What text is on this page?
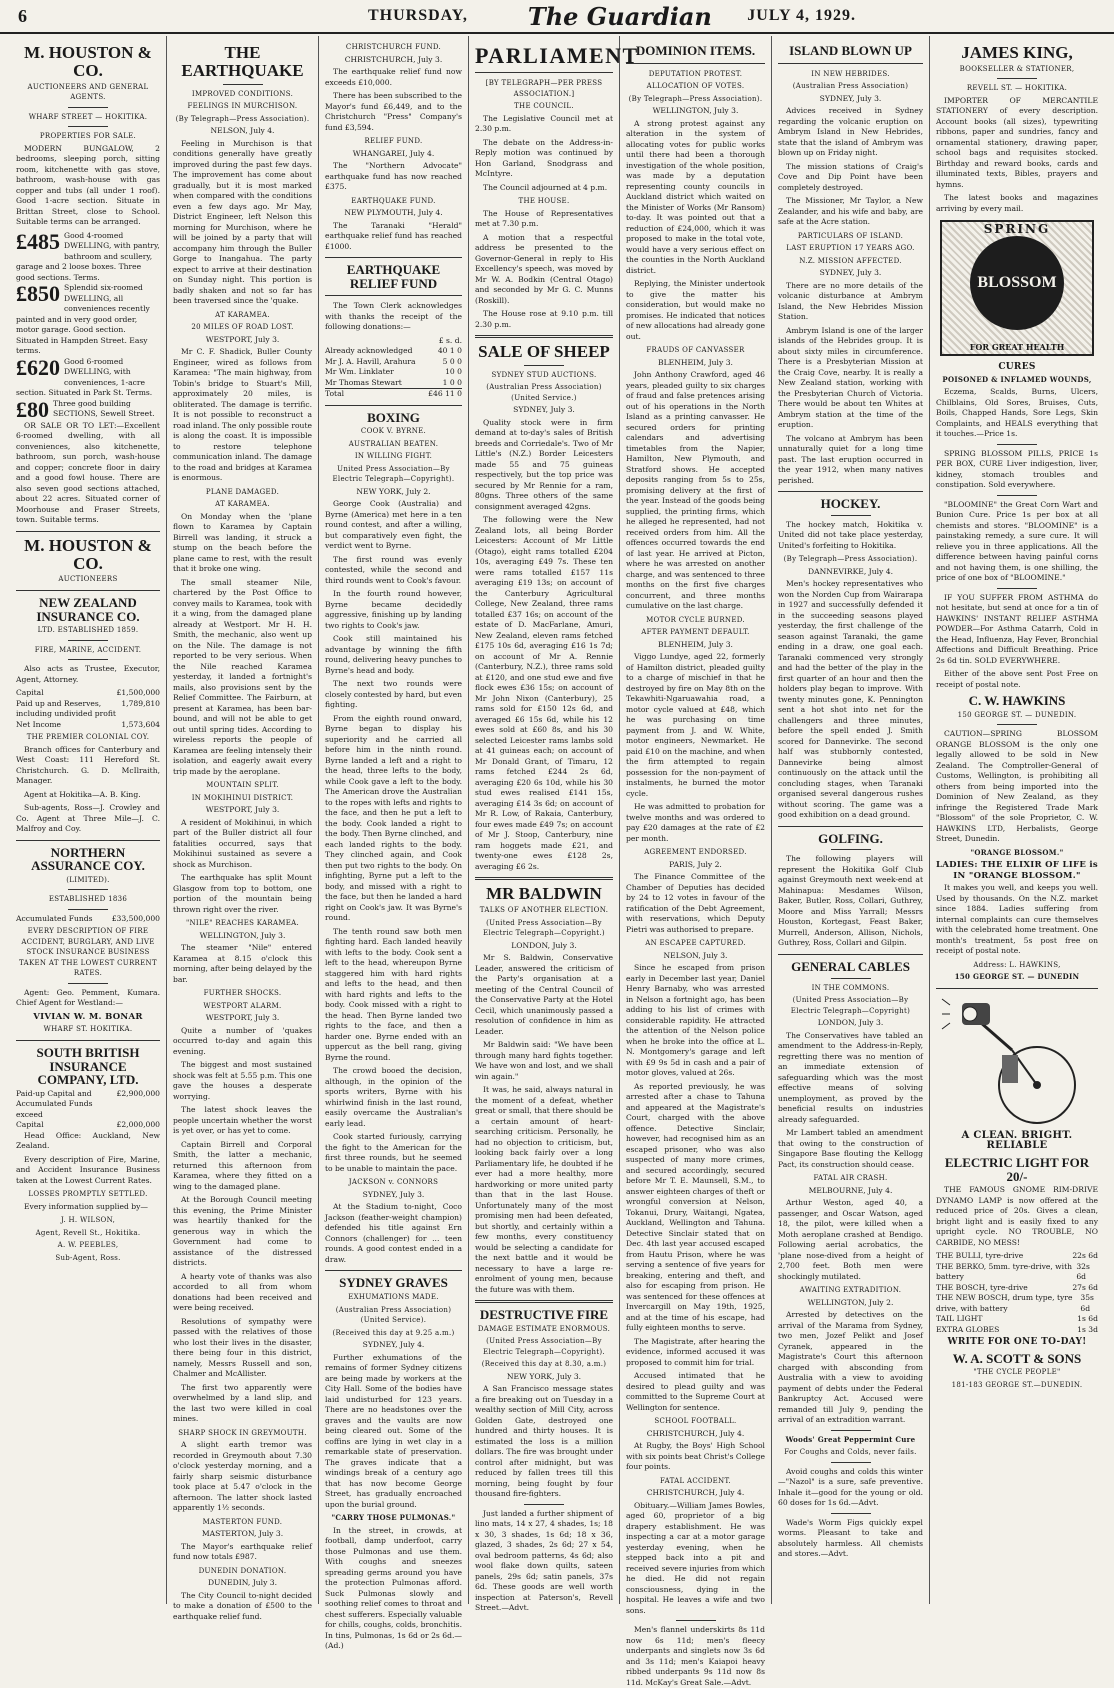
6	THURSDAY,	The Guardian JULY 4, 1929.
M. HOUSTON & CO.
AUCTIONEERS AND GENERAL AGENTS.
WHARF STREET — HOKITIKA.
PROPERTIES FOR SALE.

MODERN BUNGALOW, 2 bedrooms, sleeping porch, sitting room, kitchenette with gas stove, bathroom, wash-house with gas copper and tubs (all under 1 roof). Good 1-acre section. Situate in Brittan Street, close to School. Suitable terms can be arranged.

£485 Good 4-roomed DWELLING, with pantry, bathroom and scullery, garage and 2 loose boxes. Three good sections. Terms.
£850 Splendid six-roomed DWELLING, all conveniences recently painted and in very good order, motor garage. Good section. Situated in Hampden Street. Easy terms.
£620 Good 6-roomed DWELLING, with conveniences, 1-acre section. Situated in Park St. Terms.
£80 Three good building SECTIONS, Sewell Street.

OR SALE OR TO LET:—Excellent 6-roomed dwelling, with all conveniences, also kitchenette, bathroom, sun porch, wash-house and copper; concrete floor in dairy and a good fowl house. There are also seven good sections attached, about 22 acres. Situated corner of Moorhouse and Fraser Streets, town. Suitable terms.

M. HOUSTON & CO.
AUCTIONEERS
NEW ZEALAND INSURANCE CO.
LTD. ESTABLISHED 1859.
FIRE, MARINE, ACCIDENT.

Also acts as Trustee, Executor, Agent, Attorney.

Capital	£1,500,000
Paid up and Reserves, including undivided profit
1,789,810
Net Income	1,573,604
THE PREMIER COLONIAL COY.

Branch offices for Canterbury and West Coast: 111 Hereford St. Christchurch. G. D. McIlraith, Manager.

Agent at Hokitika—A. B. King.

Sub-agents, Ross—J. Crowley and Co. Agent at Three Mile—J. C. Malfroy and Coy.

NORTHERN ASSURANCE COY.
(LIMITED).
ESTABLISHED 1836
Accumulated Funds	£33,500,000
EVERY DESCRIPTION OF FIRE ACCIDENT, BURGLARY, AND LIVE STOCK INSURANCE BUSINESS TAKEN AT THE LOWEST CURRENT RATES.

Agent: Geo. Pemment, Kumara. Chief Agent for Westland:—

VIVIAN W. M. BONAR
WHARF ST. HOKITIKA.
SOUTH BRITISH INSURANCE COMPANY, LTD.
Paid-up Capital and Accumulated Funds exceed
£2,900,000
Capital	£2,000,000

Head Office: Auckland, New Zealand.

Every description of Fire, Marine, and Accident Insurance Business taken at the Lowest Current Rates.

LOSSES PROMPTLY SETTLED.

Every information supplied by—

J. H. WILSON,
Agent, Revell St., Hokitika.
A. W. PEEBLES,
Sub-Agent, Ross.
THE EARTHQUAKE
IMPROVED CONDITIONS.
FEELINGS IN MURCHISON.
(By Telegraph—Press Association).
NELSON, July 4.

Feeling in Murchison is that conditions generally have greatly improved during the past few days. The improvement has come about gradually, but it is most marked when compared with the conditions even a few days ago. Mr May, District Engineer, left Nelson this morning for Murchison, where he will be joined by a party that will accompany him through the Buller Gorge to Inangahua. The party expect to arrive at their destination on Sunday night. This portion is badly shaken and not so far has been traversed since the 'quake.

AT KARAMEA.
20 MILES OF ROAD LOST.
WESTPORT, July 3.

Mr C. F. Shadick, Buller County Engineer, wired as follows from Karamea: "The main highway, from Tobin's bridge to Stuart's Mill, approximately 20 miles, is obliterated. The damage is terrific. It is not possible to reconstruct a road inland. The only possible route is along the coast. It is impossible to restore telephone communication inland. The damage to the road and bridges at Karamea is enormous.

PLANE DAMAGED.
AT KARAMEA.

On Monday when the 'plane flown to Karamea by Captain Birrell was landing, it struck a stump on the beach before the plane came to rest, with the result that it broke one wing.

The small steamer Nile, chartered by the Post Office to convey mails to Karamea, took with it a wing, from the damaged plane already at Westport. Mr H. H. Smith, the mechanic, also went up on the Nile. The damage is not reported to be very serious. When the Nile reached Karamea yesterday, it landed a fortnight's mails, also provisions sent by the Relief Committee. The Fairburn, at present at Karamea, has been bar-bound, and will not be able to get out until spring tides. According to wireless reports the people of Karamea are feeling intensely their isolation, and eagerly await every trip made by the aeroplane.

MOUNTAIN SPLIT.
IN MOKIHINUI DISTRICT.
WESTPORT, July 3.

A resident of Mokihinui, in which part of the Buller district all four fatalities occurred, says that Mokihinui sustained as severe a shock as Murchison.

The earthquake has split Mount Glasgow from top to bottom, one portion of the mountain being thrown right over the river.

"NILE" REACHES KARAMEA.
WELLINGTON, July 3.

The steamer "Nile" entered Karamea at 8.15 o'clock this morning, after being delayed by the bar.

FURTHER SHOCKS.
WESTPORT ALARM.
WESTPORT, July 3.

Quite a number of 'quakes occurred to-day and again this evening.

The biggest and most sustained shock was felt at 5.55 p.m. This one gave the houses a desperate worrying.

The latest shock leaves the people uncertain whether the worst is yet over, or has yet to come.

Captain Birrell and Corporal Smith, the latter a mechanic, returned this afternoon from Karamea, where they fitted on a wing to the damaged plane.

At the Borough Council meeting this evening, the Prime Minister was heartily thanked for the generous way in which the Government had come to assistance of the distressed districts.

A hearty vote of thanks was also accorded to all from whom donations had been received and were being received.

Resolutions of sympathy were passed with the relatives of those who lost their lives in the disaster, there being four in this district, namely, Messrs Russell and son, Chalmer and McAllister.

The first two apparently were overwhelmed by a land slip, and the last two were killed in coal mines.

SHARP SHOCK IN GREYMOUTH.

A slight earth tremor was recorded in Greymouth about 7.30 o'clock yesterday morning, and a fairly sharp seismic disturbance took place at 5.47 o'clock in the afternoon. The latter shock lasted apparently 1½ seconds.

MASTERTON FUND.
MASTERTON, July 3.

The Mayor's earthquake relief fund now totals £987.

DUNEDIN DONATION.
DUNEDIN, July 3.

The City Council to-night decided to make a donation of £500 to the earthquake relief fund.

CHRISTCHURCH FUND.
CHRISTCHURCH, July 3.

The earthquake relief fund now exceeds £10,000.

There has been subscribed to the Mayor's fund £6,449, and to the Christchurch "Press" Company's fund £3,594.

RELIEF FUND.
WHANGAREI, July 4.

The "Northern Advocate" earthquake fund has now reached £375.

EARTHQUAKE FUND.
NEW PLYMOUTH, July 4.

The Taranaki "Herald" earthquake relief fund has reached £1000.

EARTHQUAKE RELIEF FUND

The Town Clerk acknowledges with thanks the receipt of the following donations:—

£ s. d.
Already acknowledged	40 1 0
Mr J. A. Havill, Arahura	5 0 0
Mr Wm. Linklater	10 0
Mr Thomas Stewart	1 0 0
Total	£46 11 0
BOXING
COOK V. BYRNE.
AUSTRALIAN BEATEN.
IN WILLING FIGHT.
United Press Association—By Electric Telegraph—Copyright).
NEW YORK, July 2.

George Cook (Australia) and Byrne (America) met here in a ten round contest, and after a willing, but comparatively even fight, the verdict went to Byrne.

The first round was evenly contested, while the second and third rounds went to Cook's favour.

In the fourth round however, Byrne became decidedly aggressive, finishing up by landing two rights to Cook's jaw.

Cook still maintained his advantage by winning the fifth round, delivering heavy punches to Byrne's head and body.

The next two rounds were closely contested by hard, but even fighting.

From the eighth round onward, Byrne began to display his superiority and he carried all before him in the ninth round. Byrne landed a left and a right to the head, three lefts to the body, while Cook gave a left to the body. The American drove the Australian to the ropes with lefts and rights to the face, and then he put a left to the body. Cook landed a right to the body. Then Byrne clinched, and each landed rights to the body. They clinched again, and Cook then put two rights to the body. On infighting, Byrne put a left to the body, and missed with a right to the face, but then he landed a hard right on Cook's jaw. It was Byrne's round.

The tenth round saw both men fighting hard. Each landed heavily with lefts to the body. Cook sent a left to the head, whereupon Byrne staggered him with hard rights and lefts to the head, and then with hard rights and lefts to the body. Cook missed with a right to the head. Then Byrne landed two rights to the face, and then a harder one. Byrne ended with an uppercut as the bell rang, giving Byrne the round.

The crowd booed the decision, although, in the opinion of the sports writers, Byrne with his whirlwind finish in the last round, easily overcame the Australian's early lead.

Cook started furiously, carrying the fight to the American for the first three rounds, but he seemed to be unable to maintain the pace.

JACKSON v. CONNORS
SYDNEY, July 3.

At the Stadium to-night, Coco Jackson (feather-weight champion) defended his title against Ern Connors (challenger) for ... teen rounds. A good contest ended in a draw.

SYDNEY GRAVES
EXHUMATIONS MADE.
(Australian Press Association) (United Service).
(Received this day at 9.25 a.m.)
SYDNEY, July 4.

Further exhumations of the remains of former Sydney citizens are being made by workers at the City Hall. Some of the bodies have laid undisturbed for 123 years. There are no headstones over the graves and the vaults are now being cleared out. Some of the coffins are lying in wet clay in a remarkable state of preservation. The graves indicate that a windings break of a century ago that has now become George Street, has gradually encroached upon the burial ground.

"CARRY THOSE PULMONAS."

In the street, in crowds, at football, damp underfoot, carry those Pulmonas and use them. With coughs and sneezes spreading germs around you have the protection Pulmonas afford. Suck Pulmonas slowly and soothing relief comes to throat and chest sufferers. Especially valuable for chills, coughs, colds, bronchitis. In tins, Pulmonas, 1s 6d or 2s 6d.—(Ad.)

PARLIAMENT
[BY TELEGRAPH—PER PRESS ASSOCIATION.]
THE COUNCIL.

The Legislative Council met at 2.30 p.m.

The debate on the Address-in-Reply motion was continued by Hon Garland, Snodgrass and McIntyre.

The Council adjourned at 4 p.m.

THE HOUSE.

The House of Representatives met at 7.30 p.m.

A motion that a respectful address be presented to the Governor-General in reply to His Excellency's speech, was moved by Mr W. A. Bodkin (Central Otago) and seconded by Mr G. C. Munns (Roskill).

The House rose at 9.10 p.m. till 2.30 p.m.

SALE OF SHEEP
SYDNEY STUD AUCTIONS.
(Australian Press Association) (United Service.)
SYDNEY, July 3.

Quality stock were in firm demand at to-day's sales of British breeds and Corriedale's. Two of Mr Little's (N.Z.) Border Leicesters made 55 and 75 guineas respectively, but the top price was secured by Mr Rennie for a ram, 80gns. Three others of the same consignment averaged 42gns.

The following were the New Zealand lots, all being Border Leicesters: Account of Mr Little (Otago), eight rams totalled £204 10s, averaging £49 7s. These ten were rams totalled £157 11s averaging £19 13s; on account of the Canterbury Agricultural College, New Zealand, three rams totalled £37 16s; on account of the estate of D. MacFarlane, Amuri, New Zealand, eleven rams fetched £175 10s 6d, averaging £16 1s 7d; on account of Mr A. Rennie (Canterbury, N.Z.), three rams sold at £120, and one stud ewe and five flock ewes £36 15s; on account of Mr John Nixon (Canterbury), 25 rams sold for £150 12s 6d, and averaged £6 15s 6d, while his 12 ewes sold at £60 8s, and his 30 selected Leicester rams lambs sold at 41 guineas each; on account of Mr Donald Grant, of Timaru, 12 rams fetched £244 2s 6d, averaging £20 6s 10d, while his 30 stud ewes realised £141 15s, averaging £14 3s 6d; on account of Mr R. Low, of Rakaia, Canterbury, four ewes made £49 7s; on account of Mr J. Stoop, Canterbury, nine ram hoggets made £21, and twenty-one ewes £128 2s, averaging £6 2s.

MR BALDWIN
TALKS OF ANOTHER ELECTION.
(United Press Association—By Electric Telegraph—Copyright.)
LONDON, July 3.

Mr S. Baldwin, Conservative Leader, answered the criticism of the Party's organisation at a meeting of the Central Council of the Conservative Party at the Hotel Cecil, which unanimously passed a resolution of confidence in him as Leader.

Mr Baldwin said: "We have been through many hard fights together. We have won and lost, and we shall win again."

It was, he said, always natural in the moment of a defeat, whether great or small, that there should be a certain amount of heart-searching criticism. Personally, he had no objection to criticism, but, looking back fairly over a long Parliamentary life, he doubted if he ever had a more healthy, more hardworking or more united party than that in the last House. Unfortunately many of the most promising men had been defeated, but shortly, and certainly within a few months, every constituency would be selecting a candidate for the next battle and it would be necessary to have a large re-enrolment of young men, because the future was with them.

DESTRUCTIVE FIRE
DAMAGE ESTIMATE ENORMOUS.
(United Press Association—By Electric Telegraph—Copyright).
(Received this day at 8.30, a.m.)
NEW YORK, July 3.

A San Francisco message states a fire breaking out on Tuesday in a wealthy section of Mill City, across Golden Gate, destroyed one hundred and thirty houses. It is estimated the loss is a million dollars. The fire was brought under control after midnight, but was reduced by fallen trees till this morning, being fought by four thousand fire-fighters.

Just landed a further shipment of lino mats, 14 x 27, 4 shades, 1s; 18 x 30, 3 shades, 1s 6d; 18 x 36, glazed, 3 shades, 2s 6d; 27 x 54, oval bedroom patterns, 4s 6d; also wool flake down quilts, sateen panels, 29s 6d; satin panels, 37s 6d. These goods are well worth inspection at Paterson's, Revell Street.—Advt.

DOMINION ITEMS.
DEPUTATION PROTEST.
ALLOCATION OF VOTES.
(By Telegraph—Press Association).
WELLINGTON, July 3.

A strong protest against any alteration in the system of allocating votes for public works until there had been a thorough investigation of the whole position, was made by a deputation representing county councils in Auckland district which waited on the Minister of Works (Mr Ransom) to-day. It was pointed out that a reduction of £24,000, which it was proposed to make in the total vote, would have a very serious effect on the counties in the North Auckland district.

Replying, the Minister undertook to give the matter his consideration, but would make no promises. He indicated that notices of new allocations had already gone out.

FRAUDS OF CANVASSER
BLENHEIM, July 3.

John Anthony Crawford, aged 46 years, pleaded guilty to six charges of fraud and false pretences arising out of his operations in the North Island as a printing canvasser. He secured orders for printing calendars and advertising timetables from the Napier, Hamilton, New Plymouth, and Stratford shows. He accepted deposits ranging from 5s to 25s, promising delivery at the first of the year. Instead of the goods being supplied, the printing firms, which he alleged he represented, had not received orders from him. All the offences occurred towards the end of last year. He arrived at Picton, where he was arrested on another charge, and was sentenced to three months on the first five charges concurrent, and three months cumulative on the last charge.

MOTOR CYCLE BURNED.
AFTER PAYMENT DEFAULT.
BLENHEIM, July 3.

Viggo Lundye, aged 22, formerly of Hamilton district, pleaded guilty to a charge of mischief in that he destroyed by fire on May 8th on the Tekawhiti-Ngaruawahia road, a motor cycle valued at £48, which he was purchasing on time payment from J. and W. White, motor engineers, Newmarket. He paid £10 on the machine, and when the firm attempted to regain possession for the non-payment of instalments, he burned the motor cycle.

He was admitted to probation for twelve months and was ordered to pay £20 damages at the rate of £2 per month.

AGREEMENT ENDORSED.
PARIS, July 2.

The Finance Committee of the Chamber of Deputies has decided by 24 to 12 votes in favour of the ratification of the Debt Agreement, with reservations, which Deputy Pietri was authorised to prepare.

AN ESCAPEE CAPTURED.
NELSON, July 3.

Since he escaped from prison early in December last year, Daniel Henry Barnaby, who was arrested in Nelson a fortnight ago, has been adding to his list of crimes with considerable rapidity. He attracted the attention of the Nelson police when he broke into the office at L. N. Montgomery's garage and left with £9 9s 5d in cash and a pair of motor gloves, valued at 26s.

As reported previously, he was arrested after a chase to Tahuna and appeared at the Magistrate's Court, charged with the above offence. Detective Sinclair, however, had recognised him as an escaped prisoner, who was also suspected of many more crimes, and secured accordingly, secured before Mr T. E. Maunsell, S.M., to answer eighteen charges of theft or wrongful conversion at Nelson, Tokanui, Drury, Waitangi, Ngatea, Auckland, Wellington and Tahuna. Detective Sinclair stated that on Dec. 4th last year accused escaped from Hautu Prison, where he was serving a sentence of five years for breaking, entering and theft, and also for escaping from prison. He was sentenced for these offences at Invercargill on May 19th, 1925, and at the time of his escape, had fully eighteen months to serve.

The Magistrate, after hearing the evidence, informed accused it was proposed to commit him for trial.

Accused intimated that he desired to plead guilty and was committed to the Supreme Court at Wellington for sentence.

SCHOOL FOOTBALL.
CHRISTCHURCH, July 4.

At Rugby, the Boys' High School with six points beat Christ's College four points.

FATAL ACCIDENT.
CHRISTCHURCH, July 4.

Obituary.—William James Bowles, aged 60, proprietor of a big drapery establishment. He was inspecting a car at a motor garage yesterday evening, when he stepped back into a pit and received severe injuries from which he died. He did not regain consciousness, dying in the hospital. He leaves a wife and two sons.

Men's flannel underskirts 8s 11d now 6s 11d; men's fleecy underpants and singlets now 3s 6d and 3s 11d; men's Kaiapoi heavy ribbed underpants 9s 11d now 8s 11d. McKay's Great Sale.—Advt.

ISLAND BLOWN UP
IN NEW HEBRIDES.
(Australian Press Association)
SYDNEY, July 3.

Advices received in Sydney regarding the volcanic eruption on Ambrym Island in New Hebrides, state that the island of Ambrym was blown up on Friday night.

The mission stations of Craig's Cove and Dip Point have been completely destroyed.

The Missioner, Mr Taylor, a New Zealander, and his wife and baby, are safe at the Acre station.

PARTICULARS OF ISLAND.
LAST ERUPTION 17 YEARS AGO.
N.Z. MISSION AFFECTED.
SYDNEY, July 3.

There are no more details of the volcanic disturbance at Ambrym Island, the New Hebrides Mission Station.

Ambrym Island is one of the larger islands of the Hebrides group. It is about sixty miles in circumference. There is a Presbyterian Mission at the Craig Cove, nearby. It is really a New Zealand station, working with the Presbyterian Church of Victoria. There would be about ten Whites at Ambrym station at the time of the eruption.

The volcano at Ambrym has been unnaturally quiet for a long time past. The last eruption occurred in the year 1912, when many natives perished.

HOCKEY.

The hockey match, Hokitika v. United did not take place yesterday, United's forfeiting to Hokitika.

(By Telegraph—Press Association).
DANNEVIRKE, July 4.

Men's hockey representatives who won the Norden Cup from Wairarapa in 1927 and successfully defended it in the succeeding seasons played yesterday, the first challenge of the season against Taranaki, the game ending in a draw, one goal each. Taranaki commenced very strongly and had the better of the play in the first quarter of an hour and then the holders play began to improve. With twenty minutes gone, K. Pennington sent a hot shot into net for the challengers and three minutes, before the spell ended J. Smith scored for Dannevirke. The second half was stubbornly contested, Dannevirke being almost continuously on the attack until the concluding stages, when Taranaki organised several dangerous rushes without scoring. The game was a good exhibition on a dead ground.

GOLFING.

The following players will represent the Hokitika Golf Club against Greymouth next week-end at Mahinapua: Mesdames Wilson, Baker, Butler, Ross, Collari, Guthrey, Moore and Miss Yarrall; Messrs Houston, Kortegast, Feast Baker, Murrell, Anderson, Allison, Nichols, Guthrey, Ross, Collari and Gilpin.

GENERAL CABLES
IN THE COMMONS.
(United Press Association—By Electric Telegraph—Copyright)
LONDON, July 3.

The Conservatives have tabled an amendment to the Address-in-Reply, regretting there was no mention of an immediate extension of safeguarding which was the most effective means of solving unemployment, as proved by the beneficial results on industries already safeguarded.

Mr Lambert tabled an amendment that owing to the construction of Singapore Base flouting the Kellogg Pact, its construction should cease.

FATAL AIR CRASH.
MELBOURNE, July 4.

Arthur Weston, aged 40, a passenger, and Oscar Watson, aged 18, the pilot, were killed when a Moth aeroplane crashed at Bendigo. Following aerial acrobatics, the 'plane nose-dived from a height of 2,700 feet. Both men were shockingly mutilated.

AWAITING EXTRADITION.
WELLINGTON, July 2.

Arrested by detectives on the arrival of the Marama from Sydney, two men, Jozef Pelikt and Josef Cyranek, appeared in the Magistrate's Court this afternoon charged with absconding from Australia with a view to avoiding payment of debts under the Federal Bankruptcy Act. Accused were remanded till July 9, pending the arrival of an extradition warrant.

Woods' Great Peppermint Cure
For Coughs and Colds, never fails.

Avoid coughs and colds this winter—"Nazol" is a sure, safe preventive. Inhale it—good for the young or old. 60 doses for 1s 6d.—Advt.

Wade's Worm Figs quickly expel worms. Pleasant to take and absolutely harmless. All chemists and stores.—Advt.

JAMES KING,
BOOKSELLER & STATIONER,
REVELL ST. — HOKITIKA.

IMPORTER OF MERCANTILE STATIONERY of every description. Account books (all sizes), typewriting ribbons, paper and sundries, fancy and ornamental stationery, drawing paper, school bags and requisites stocked. Birthday and reward books, cards and illuminated texts, Bibles, prayers and hymns.

The latest books and magazines arriving by every mail.

SPRING
BLOSSOM
FOR GREAT HEALTH
CURES
POISONED & INFLAMED WOUNDS,

Eczema, Scalds, Burns, Ulcers, Chilblains, Old Sores, Bruises, Cuts, Boils, Chapped Hands, Sore Legs, Skin Complaints, and HEALS everything that it touches.—Price 1s.

SPRING BLOSSOM PILLS, PRICE 1s PER BOX, CURE Liver indigestion, liver, kidney, stomach troubles and constipation. Sold everywhere.

"BLOOMINE" the Great Corn Wart and Bunion Cure. Price 1s per box at all chemists and stores. "BLOOMINE" is a painstaking remedy, a sure cure. It will relieve you in three applications. All the difference between having painful corns and not having them, is one shilling, the price of one box of "BLOOMINE."

IF YOU SUFFER FROM ASTHMA do not hesitate, but send at once for a tin of HAWKINS' INSTANT RELIEF ASTHMA POWDER—For Asthma Catarrh, Cold in the Head, Influenza, Hay Fever, Bronchial Affections and Difficult Breathing. Price 2s 6d tin. SOLD EVERYWHERE.

Either of the above sent Post Free on receipt of postal note.

C. W. HAWKINS
150 GEORGE ST. — DUNEDIN.

CAUTION—SPRING BLOSSOM ORANGE BLOSSOM is the only one legally allowed to be sold in New Zealand. The Comptroller-General of Customs, Wellington, is prohibiting all others from being imported into the Dominion of New Zealand, as they infringe the Registered Trade Mark "Blossom" of the sole Proprietor, C. W. HAWKINS LTD, Herbalists, George Street, Dunedin.

"ORANGE BLOSSOM."
LADIES: THE ELIXIR OF LIFE is IN "ORANGE BLOSSOM."

It makes you well, and keeps you well. Used by thousands. On the N.Z. market since 1884. Ladies suffering from internal complaints can cure themselves with the celebrated home treatment. One month's treatment, 5s post free on receipt of postal note.

Address: L. HAWKINS,
150 GEORGE ST. — DUNEDIN
A CLEAN. BRIGHT. RELIABLE
ELECTRIC LIGHT FOR 20/-

THE FAMOUS GNOME RIM-DRIVE DYNAMO LAMP is now offered at the reduced price of 20s. Gives a clean, bright light and is easily fixed to any upright cycle. NO TROUBLE, NO CARBIDE, NO MESS!

THE BULLI, tyre-drive	22s 6d
THE BERKO, 5mm. tyre-drive, with battery
32s 6d
THE BOSCH, tyre-drive	27s 6d
THE NEW BOSCH, drum type, tyre drive, with battery
35s 6d
TAIL LIGHT	1s 6d
EXTRA GLOBES	1s 3d
WRITE FOR ONE TO-DAY!
W. A. SCOTT & SONS
"THE CYCLE PEOPLE"
181-183 GEORGE ST.—DUNEDIN.
